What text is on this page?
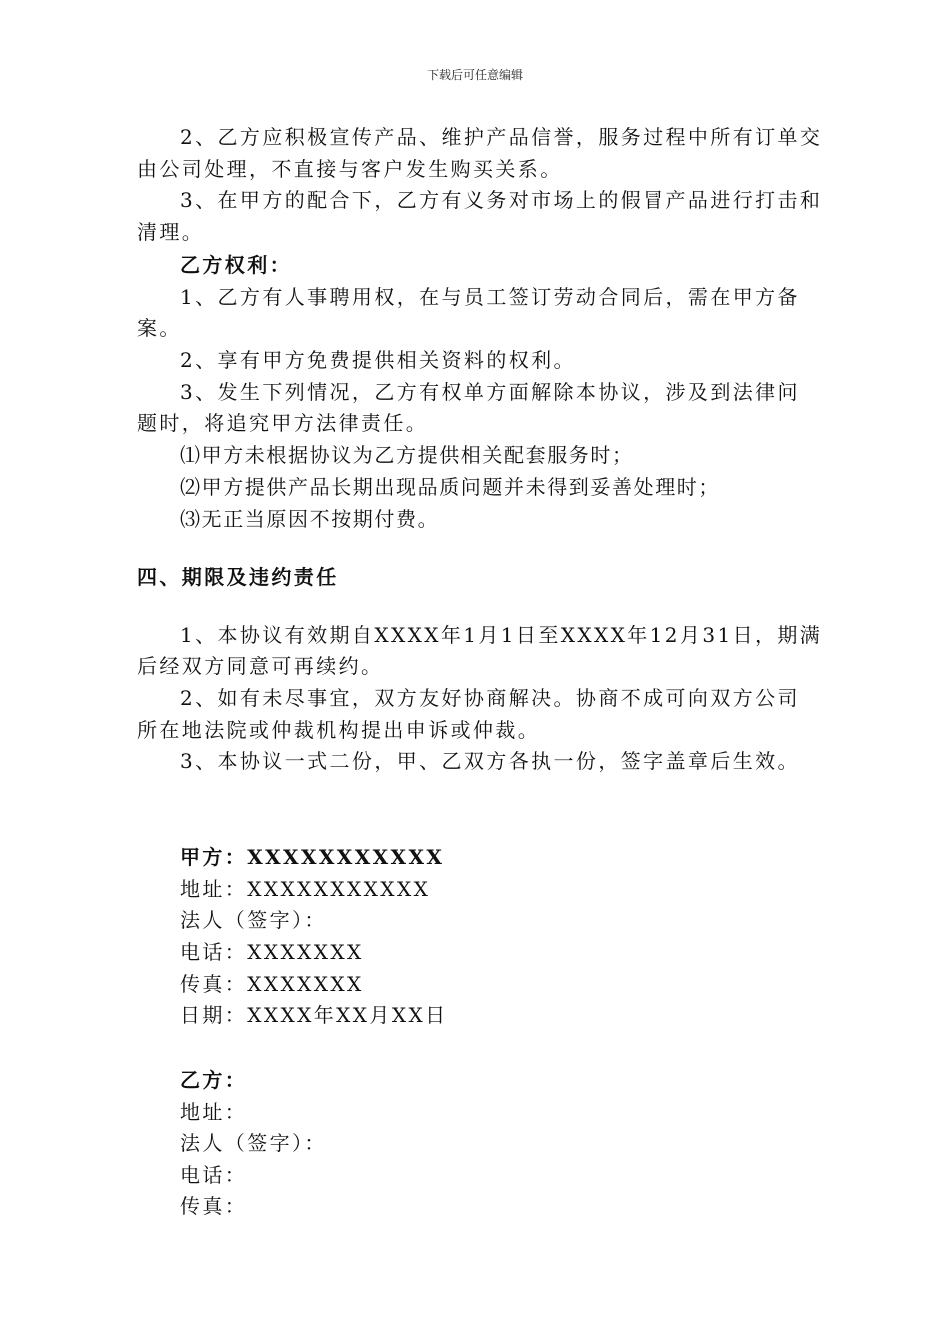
下载后可任意编辑
2、乙方应积极宣传产品、维护产品信誉，服务过程中所有订单交
由公司处理，不直接与客户发生购买关系。
3、在甲方的配合下，乙方有义务对市场上的假冒产品进行打击和
清理。
乙方权利：
1、乙方有人事聘用权，在与员工签订劳动合同后，需在甲方备
案。
2、享有甲方免费提供相关资料的权利。
3、发生下列情况，乙方有权单方面解除本协议，涉及到法律问
题时，将追究甲方法律责任。
⑴甲方未根据协议为乙方提供相关配套服务时；
⑵甲方提供产品长期出现品质问题并未得到妥善处理时；
⑶无正当原因不按期付费。
四、期限及违约责任
1、本协议有效期自XXXX年1月1日至XXXX年12月31日，期满
后经双方同意可再续约。
2、如有未尽事宜，双方友好协商解决。协商不成可向双方公司
所在地法院或仲裁机构提出申诉或仲裁。
3、本协议一式二份，甲、乙双方各执一份，签字盖章后生效。
甲方：XXXXXXXXXXX
地址：XXXXXXXXXXX
法人（签字）：
电话：XXXXXXX
传真：XXXXXXX
日期：XXXX年XX月XX日
乙方：
地址：
法人（签字）：
电话：
传真：
